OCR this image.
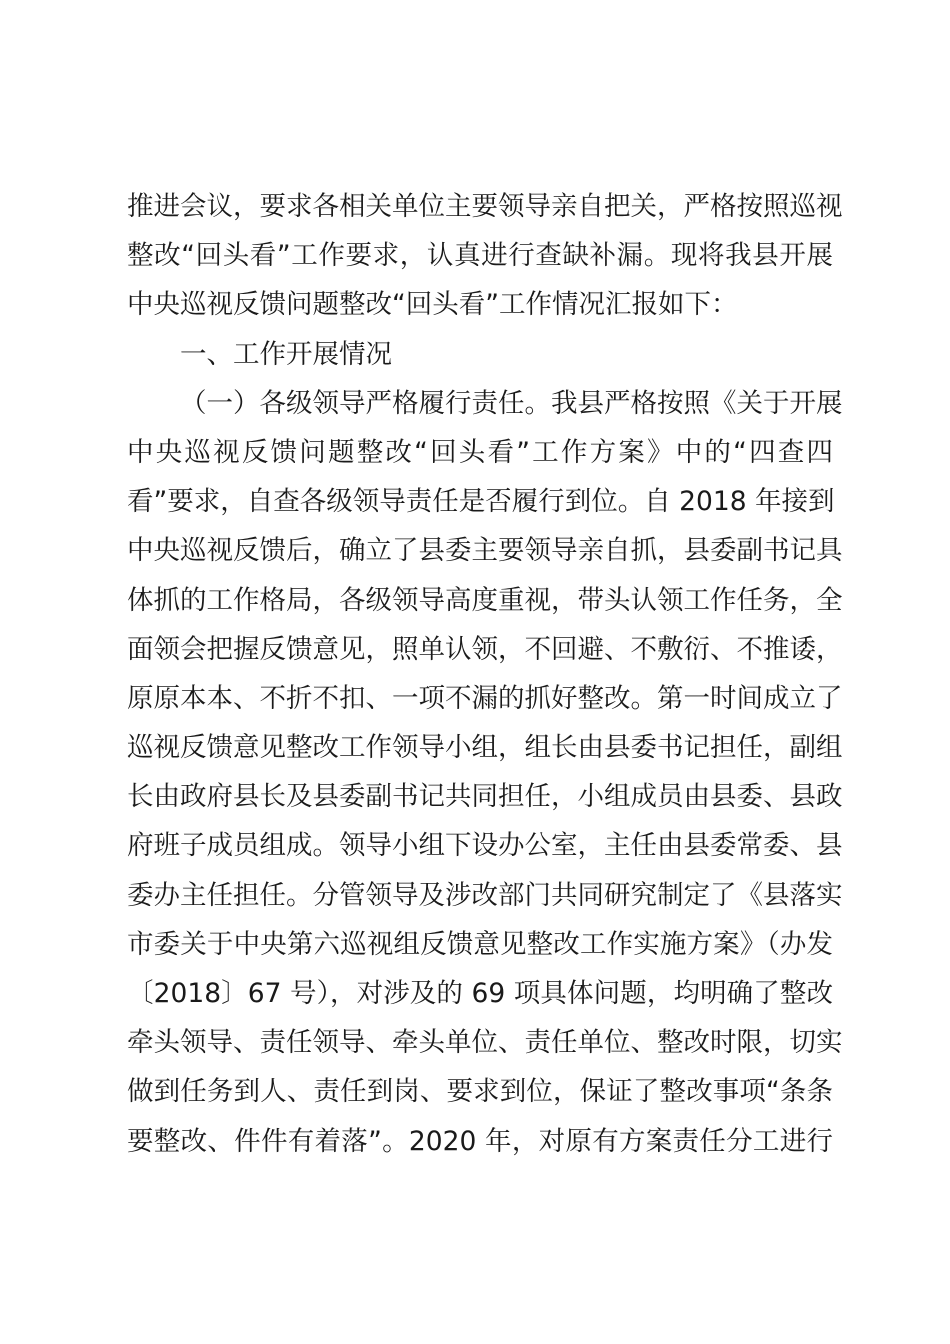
推进会议，要求各相关单位主要领导亲自把关，严格按照巡视
整改“回头看”工作要求，认真进行查缺补漏。现将我县开展
中央巡视反馈问题整改“回头看”工作情况汇报如下：
一、工作开展情况
（一）各级领导严格履行责任。我县严格按照《关于开展
中央巡视反馈问题整改“回头看”工作方案》中的“四查四
看”要求，自查各级领导责任是否履行到位。自 2018 年接到
中央巡视反馈后，确立了县委主要领导亲自抓，县委副书记具
体抓的工作格局，各级领导高度重视，带头认领工作任务，全
面领会把握反馈意见，照单认领，不回避、不敷衍、不推诿，
原原本本、不折不扣、一项不漏的抓好整改。第一时间成立了
巡视反馈意见整改工作领导小组，组长由县委书记担任，副组
长由政府县长及县委副书记共同担任，小组成员由县委、县政
府班子成员组成。领导小组下设办公室，主任由县委常委、县
委办主任担任。分管领导及涉改部门共同研究制定了《县落实
市委关于中央第六巡视组反馈意见整改工作实施方案》（办发
〔2018〕67 号），对涉及的 69 项具体问题，均明确了整改
牵头领导、责任领导、牵头单位、责任单位、整改时限，切实
做到任务到人、责任到岗、要求到位，保证了整改事项“条条
要整改、件件有着落”。2020 年，对原有方案责任分工进行
